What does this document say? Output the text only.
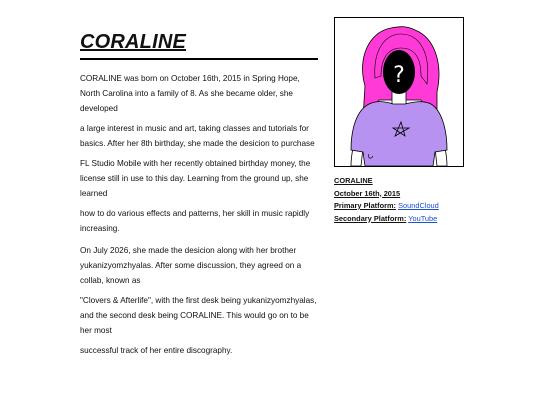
CORALINE

CORALINE was born on October 16th, 2015 in Spring Hope, North Carolina into a family of 8. As she became older, she developed

a large interest in music and art, taking classes and tutorials for basics. After her 8th birthday, she made the desicion to purchase

FL Studio Mobile with her recently obtained birthday money, the license still in use to this day. Learning from the ground up, she learned

how to do various effects and patterns, her skill in music rapidly increasing.

On July 2026, she made the desicion along with her brother yukanizyomzhyalas. After some discussion, they agreed on a collab, known as

"Clovers & Afterlife", with the first desk being yukanizyomzhyalas, and the second desk being CORALINE. This would go on to be her most

successful track of her entire discography.

?
CORALINE
October 16th, 2015
Primary Platform: SoundCloud
Secondary Platform: YouTube
